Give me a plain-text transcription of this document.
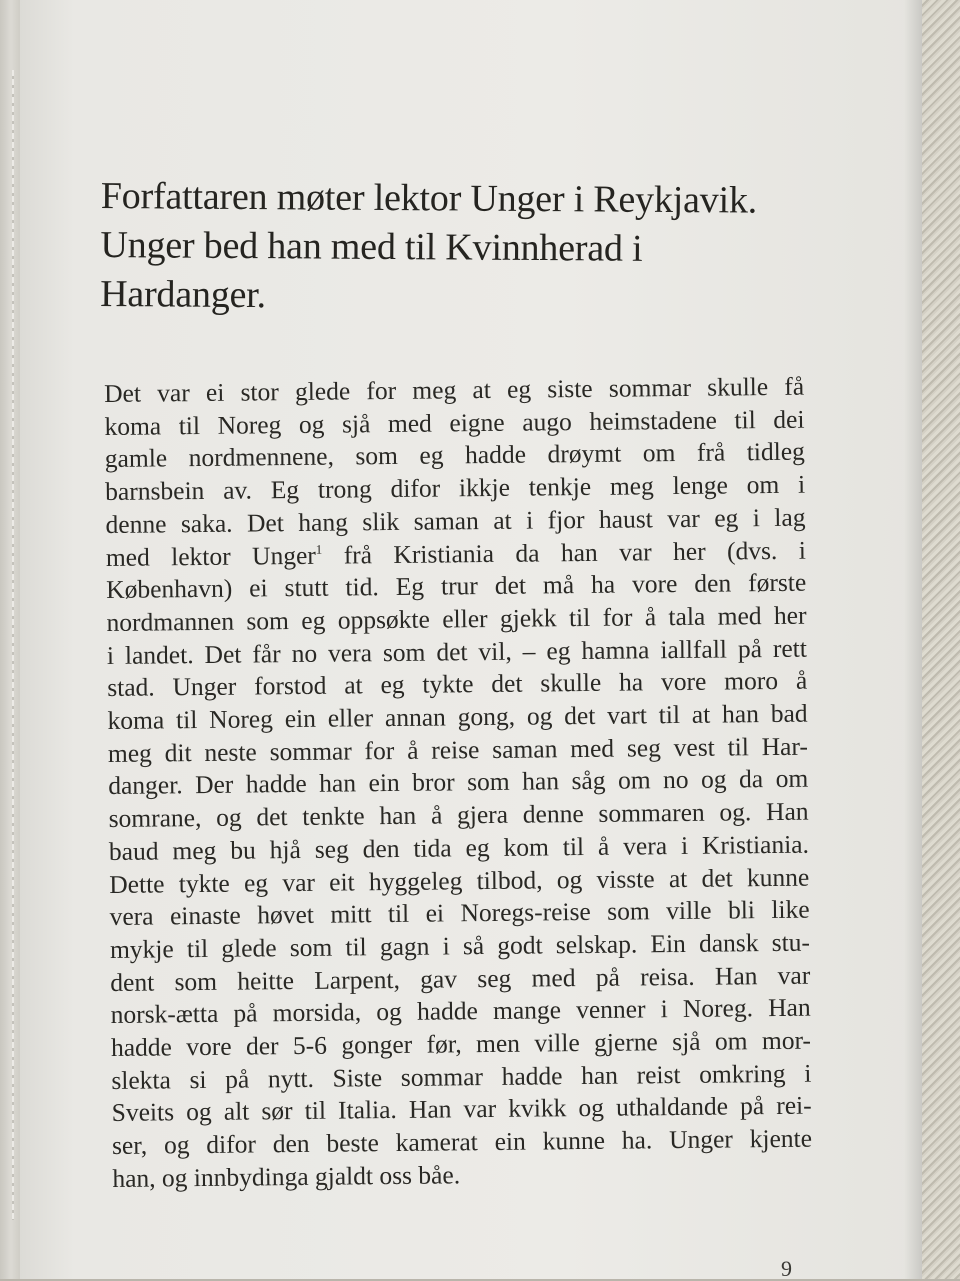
Forfattaren møter lektor Unger i Reykjavik.
Unger bed han med til Kvinnherad i
Hardanger.
Det var ei stor glede for meg at eg siste sommar skulle få
koma til Noreg og sjå med eigne augo heimstadene til dei
gamle nordmennene, som eg hadde drøymt om frå tidleg
barnsbein av. Eg trong difor ikkje tenkje meg lenge om i
denne saka. Det hang slik saman at i fjor haust var eg i lag
med lektor Unger$^1$ frå Kristiania da han var her (dvs. i
København) ei stutt tid. Eg trur det må ha vore den første
nordmannen som eg oppsøkte eller gjekk til for å tala med her
i landet. Det får no vera som det vil, – eg hamna iallfall på rett
stad. Unger forstod at eg tykte det skulle ha vore moro å
koma til Noreg ein eller annan gong, og det vart til at han bad
meg dit neste sommar for å reise saman med seg vest til Har-
danger. Der hadde han ein bror som han såg om no og da om
somrane, og det tenkte han å gjera denne sommaren og. Han
baud meg bu hjå seg den tida eg kom til å vera i Kristiania.
Dette tykte eg var eit hyggeleg tilbod, og visste at det kunne
vera einaste høvet mitt til ei Noregs-reise som ville bli like
mykje til glede som til gagn i så godt selskap. Ein dansk stu-
dent som heitte Larpent, gav seg med på reisa. Han var
norsk-ætta på morsida, og hadde mange venner i Noreg. Han
hadde vore der 5-6 gonger før, men ville gjerne sjå om mor-
slekta si på nytt. Siste sommar hadde han reist omkring i
Sveits og alt sør til Italia. Han var kvikk og uthaldande på rei-
ser, og difor den beste kamerat ein kunne ha. Unger kjente
han, og innbydinga gjaldt oss båe.
9
